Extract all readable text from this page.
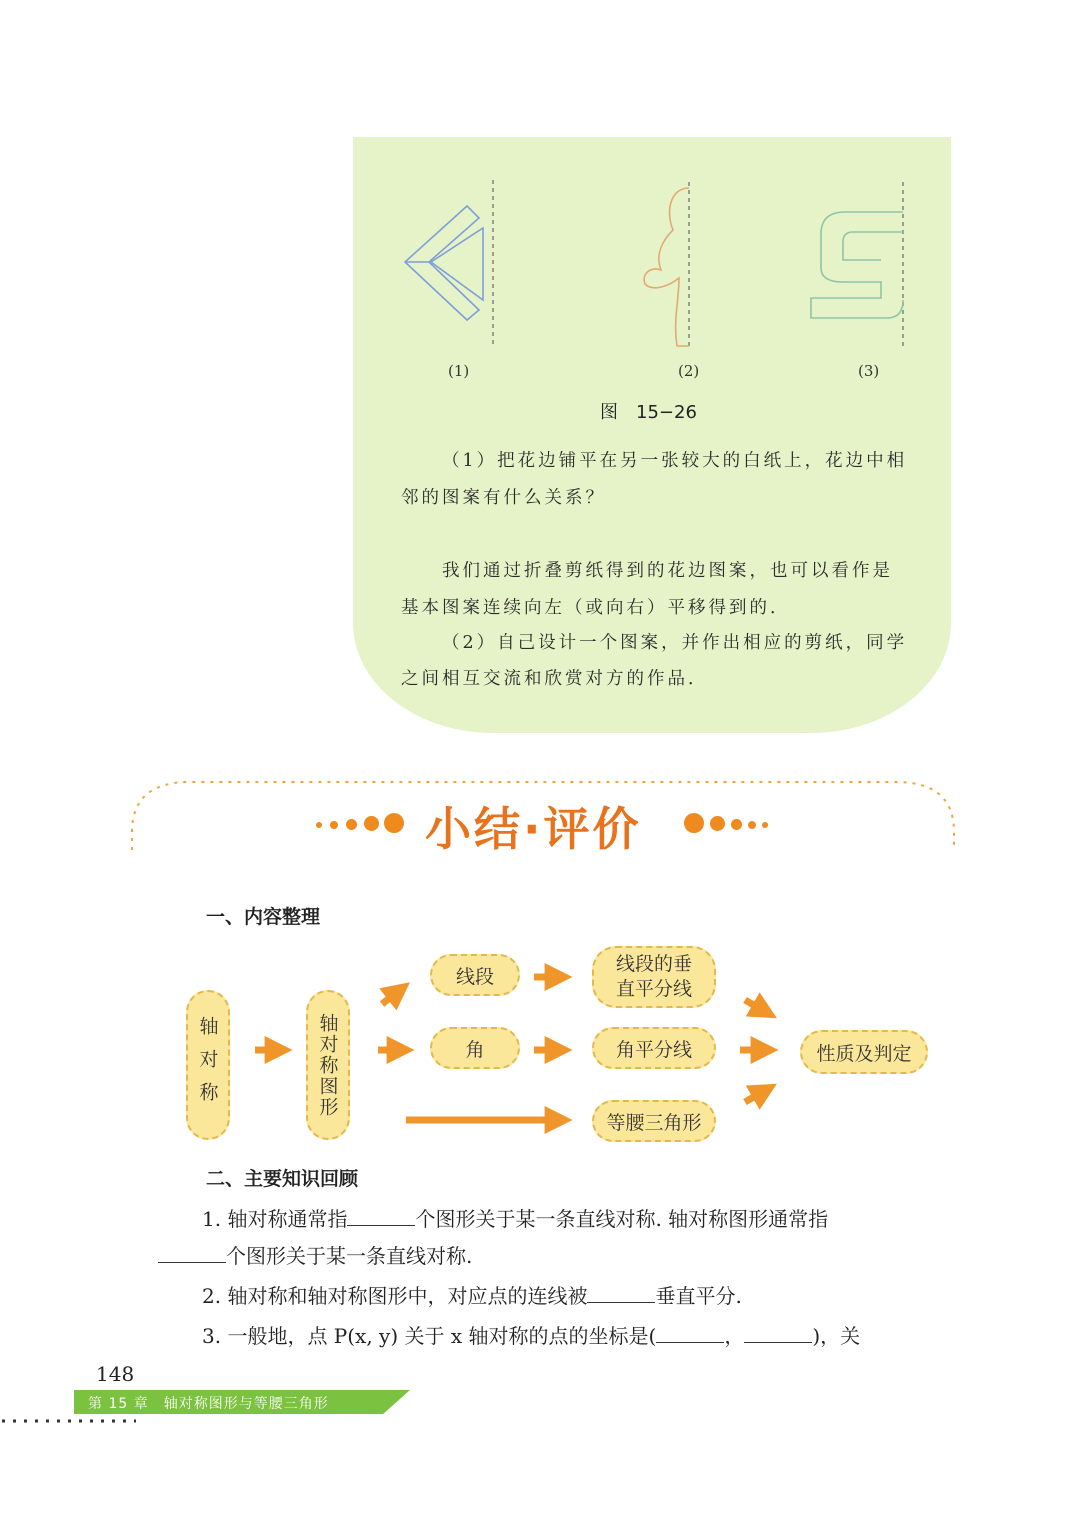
(1)	(2)	(3)
图　15−26
（1）把花边铺平在另一张较大的白纸上，花边中相
邻的图案有什么关系？
我们通过折叠剪纸得到的花边图案，也可以看作是
基本图案连续向左（或向右）平移得到的．
（2）自己设计一个图案，并作出相应的剪纸，同学
之间相互交流和欣赏对方的作品．
小结·评价
一、内容整理
轴对称	轴对称图形
线段
角
线段的垂
直平分线
角平分线
等腰三角形
性质及判定
二、主要知识回顾
1. 轴对称通常指	个图形关于某一条直线对称. 轴对称图形通常指
个图形关于某一条直线对称.
2. 轴对称和轴对称图形中，对应点的连线被	垂直平分.
3. 一般地，点 P(x, y) 关于 x 轴对称的点的坐标是(	，	)，关
148
第 15 章　轴对称图形与等腰三角形
